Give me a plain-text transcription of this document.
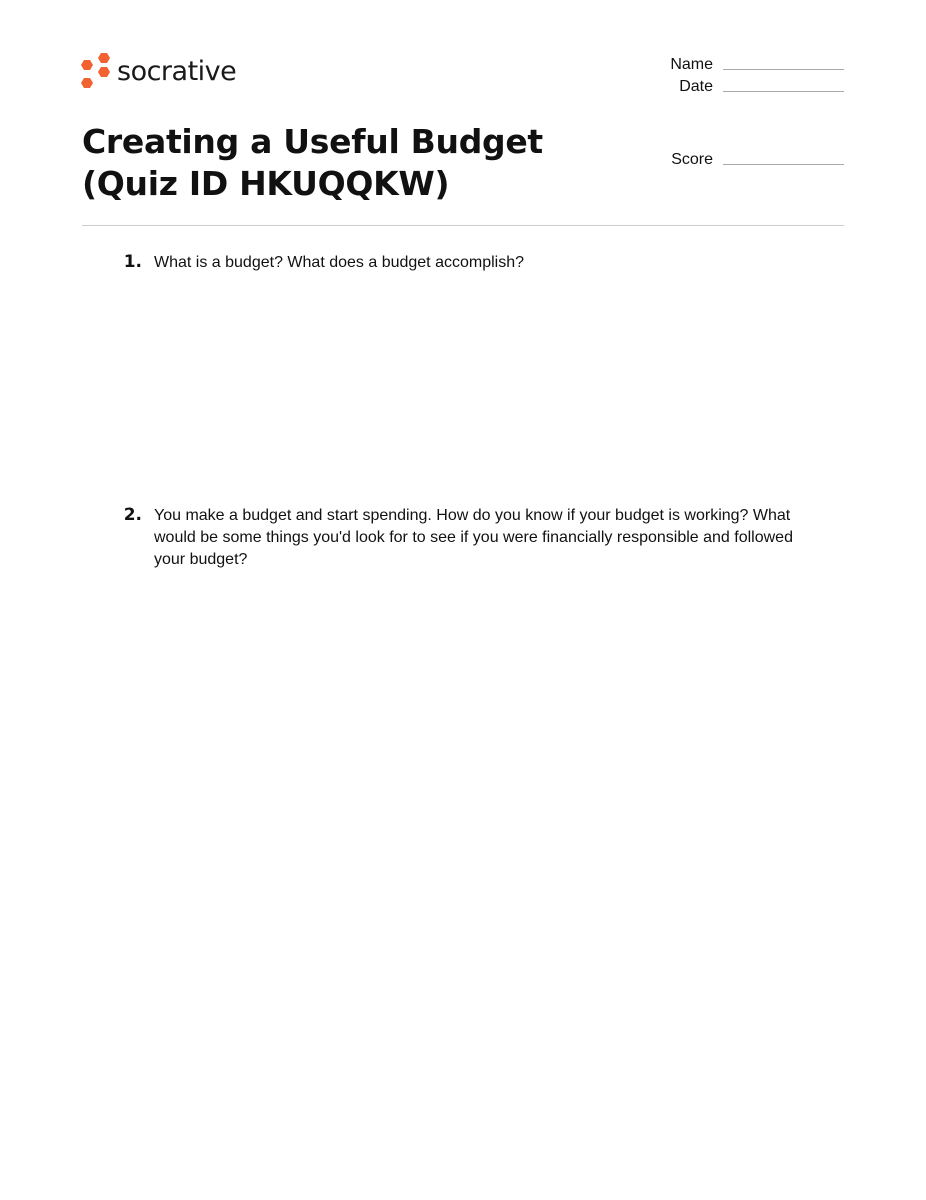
socrative
Creating a Useful Budget (Quiz ID HKUQQKW)
Name
Date
Score
1. What is a budget? What does a budget accomplish?
2. You make a budget and start spending. How do you know if your budget is working? What would be some things you'd look for to see if you were financially responsible and followed your budget?
